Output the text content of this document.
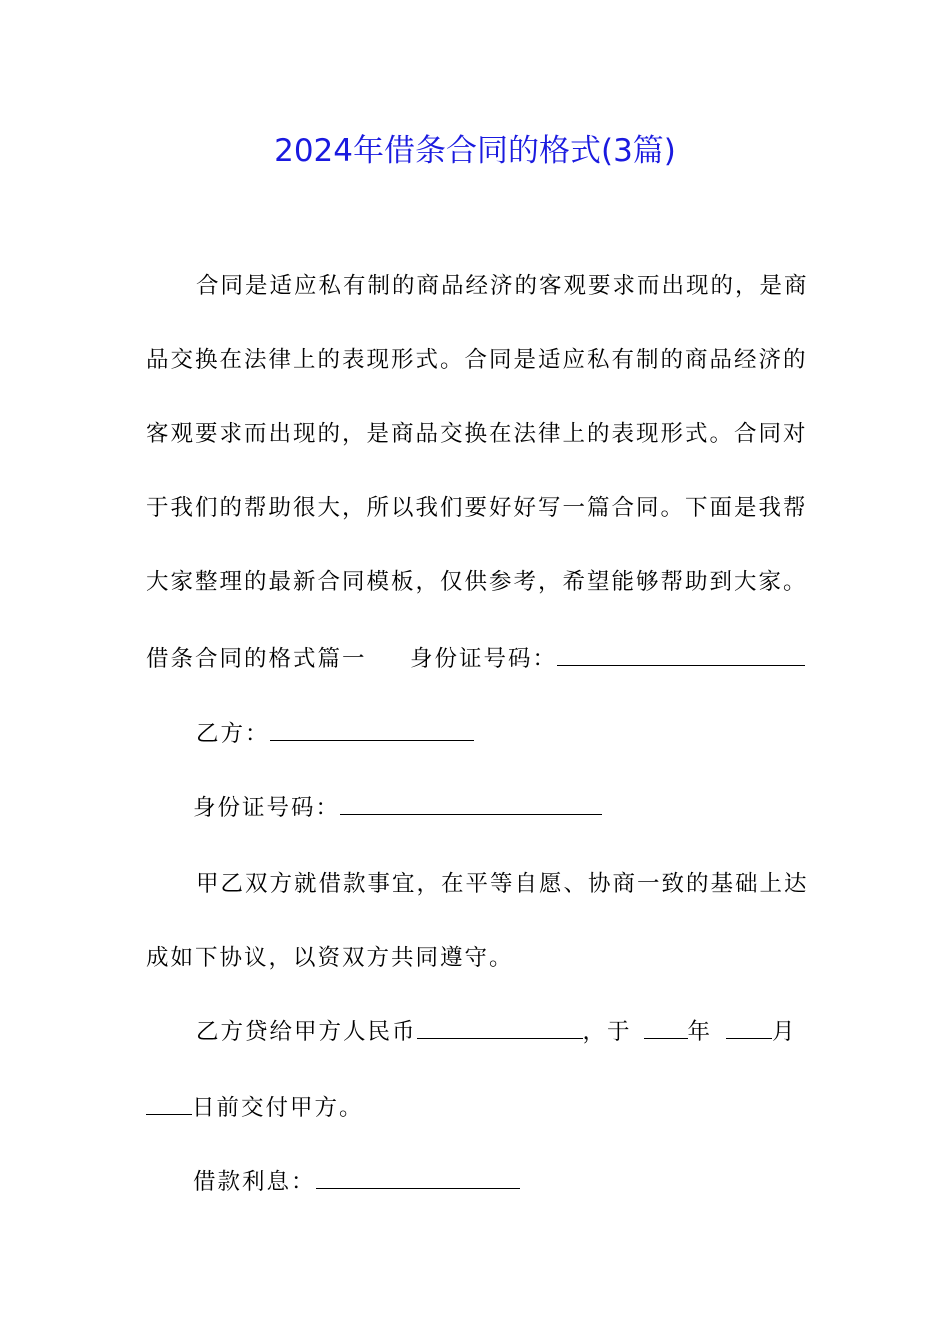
2024年借条合同的格式(3篇)
合同是适应私有制的商品经济的客观要求而出现的，是商
品交换在法律上的表现形式。合同是适应私有制的商品经济的
客观要求而出现的，是商品交换在法律上的表现形式。合同对
于我们的帮助很大，所以我们要好好写一篇合同。下面是我帮
大家整理的最新合同模板，仅供参考，希望能够帮助到大家。
借条合同的格式篇一 身份证号码：
乙方：
身份证号码：
甲乙双方就借款事宜，在平等自愿、协商一致的基础上达
成如下协议，以资双方共同遵守。
乙方贷给甲方人民币	，于 年	月
日前交付甲方。
借款利息：
